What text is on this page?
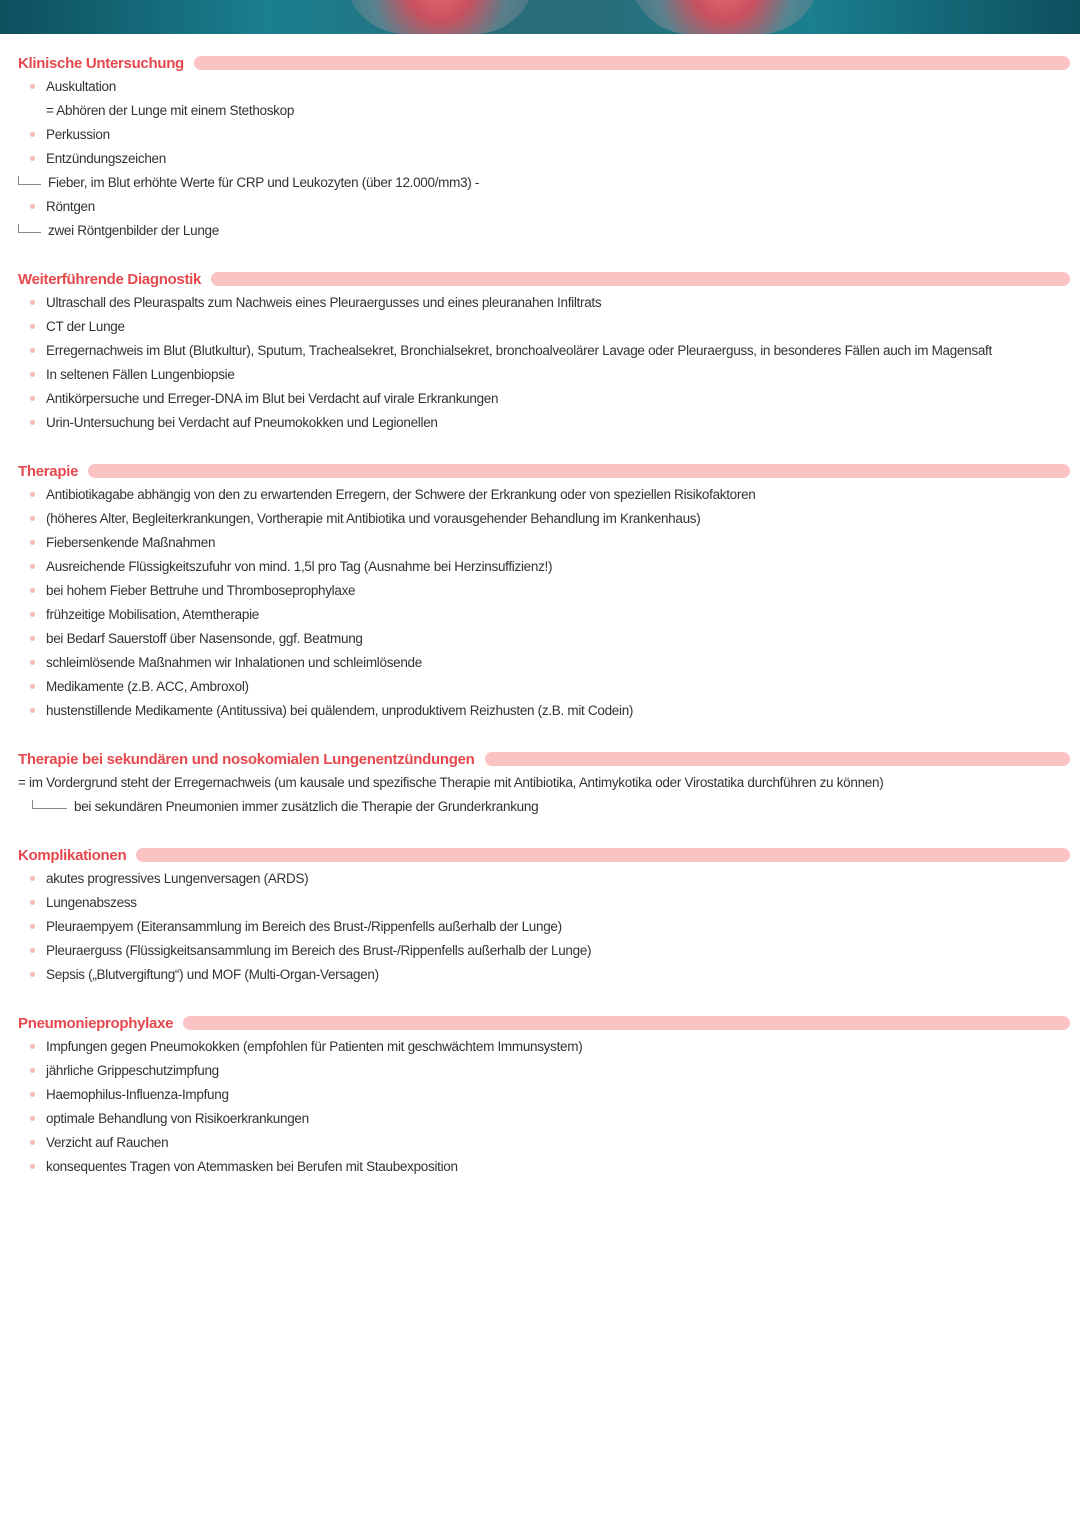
Klinische Untersuchung
Auskultation
= Abhören der Lunge mit einem Stethoskop
Perkussion
Entzündungszeichen
Fieber, im Blut erhöhte Werte für CRP und Leukozyten (über 12.000/mm3) -
Röntgen
zwei Röntgenbilder der Lunge
Weiterführende Diagnostik
Ultraschall des Pleuraspalts zum Nachweis eines Pleuraergusses und eines pleuranahen Infiltrats
CT der Lunge
Erregernachweis im Blut (Blutkultur), Sputum, Trachealsekret, Bronchialsekret, bronchoalveolärer Lavage oder Pleuraerguss, in besonderes Fällen auch im Magensaft
In seltenen Fällen Lungenbiopsie
Antikörpersuche und Erreger-DNA im Blut bei Verdacht auf virale Erkrankungen
Urin-Untersuchung bei Verdacht auf Pneumokokken und Legionellen
Therapie
Antibiotikagabe abhängig von den zu erwartenden Erregern, der Schwere der Erkrankung oder von speziellen Risikofaktoren
(höheres Alter, Begleiterkrankungen, Vortherapie mit Antibiotika und vorausgehender Behandlung im Krankenhaus)
Fiebersenkende Maßnahmen
Ausreichende Flüssigkeitszufuhr von mind. 1,5l pro Tag (Ausnahme bei Herzinsuffizienz!)
bei hohem Fieber Bettruhe und Thromboseprophylaxe
frühzeitige Mobilisation, Atemtherapie
bei Bedarf Sauerstoff über Nasensonde, ggf. Beatmung
schleimlösende Maßnahmen wir Inhalationen und schleimlösende
Medikamente (z.B. ACC, Ambroxol)
hustenstillende Medikamente (Antitussiva) bei quälendem, unproduktivem Reizhusten (z.B. mit Codein)
Therapie bei sekundären und nosokomialen Lungenentzündungen
= im Vordergrund steht der Erregernachweis (um kausale und spezifische Therapie mit Antibiotika, Antimykotika oder Virostatika durchführen zu können)
bei sekundären Pneumonien immer zusätzlich die Therapie der Grunderkrankung
Komplikationen
akutes progressives Lungenversagen (ARDS)
Lungenabszess
Pleuraempyem (Eiteransammlung im Bereich des Brust-/Rippenfells außerhalb der Lunge)
Pleuraerguss (Flüssigkeitsansammlung im Bereich des Brust-/Rippenfells außerhalb der Lunge)
Sepsis („Blutvergiftung“) und MOF (Multi-Organ-Versagen)
Pneumonieprophylaxe
Impfungen gegen Pneumokokken (empfohlen für Patienten mit geschwächtem Immunsystem)
jährliche Grippeschutzimpfung
Haemophilus-Influenza-Impfung
optimale Behandlung von Risikoerkrankungen
Verzicht auf Rauchen
konsequentes Tragen von Atemmasken bei Berufen mit Staubexposition
